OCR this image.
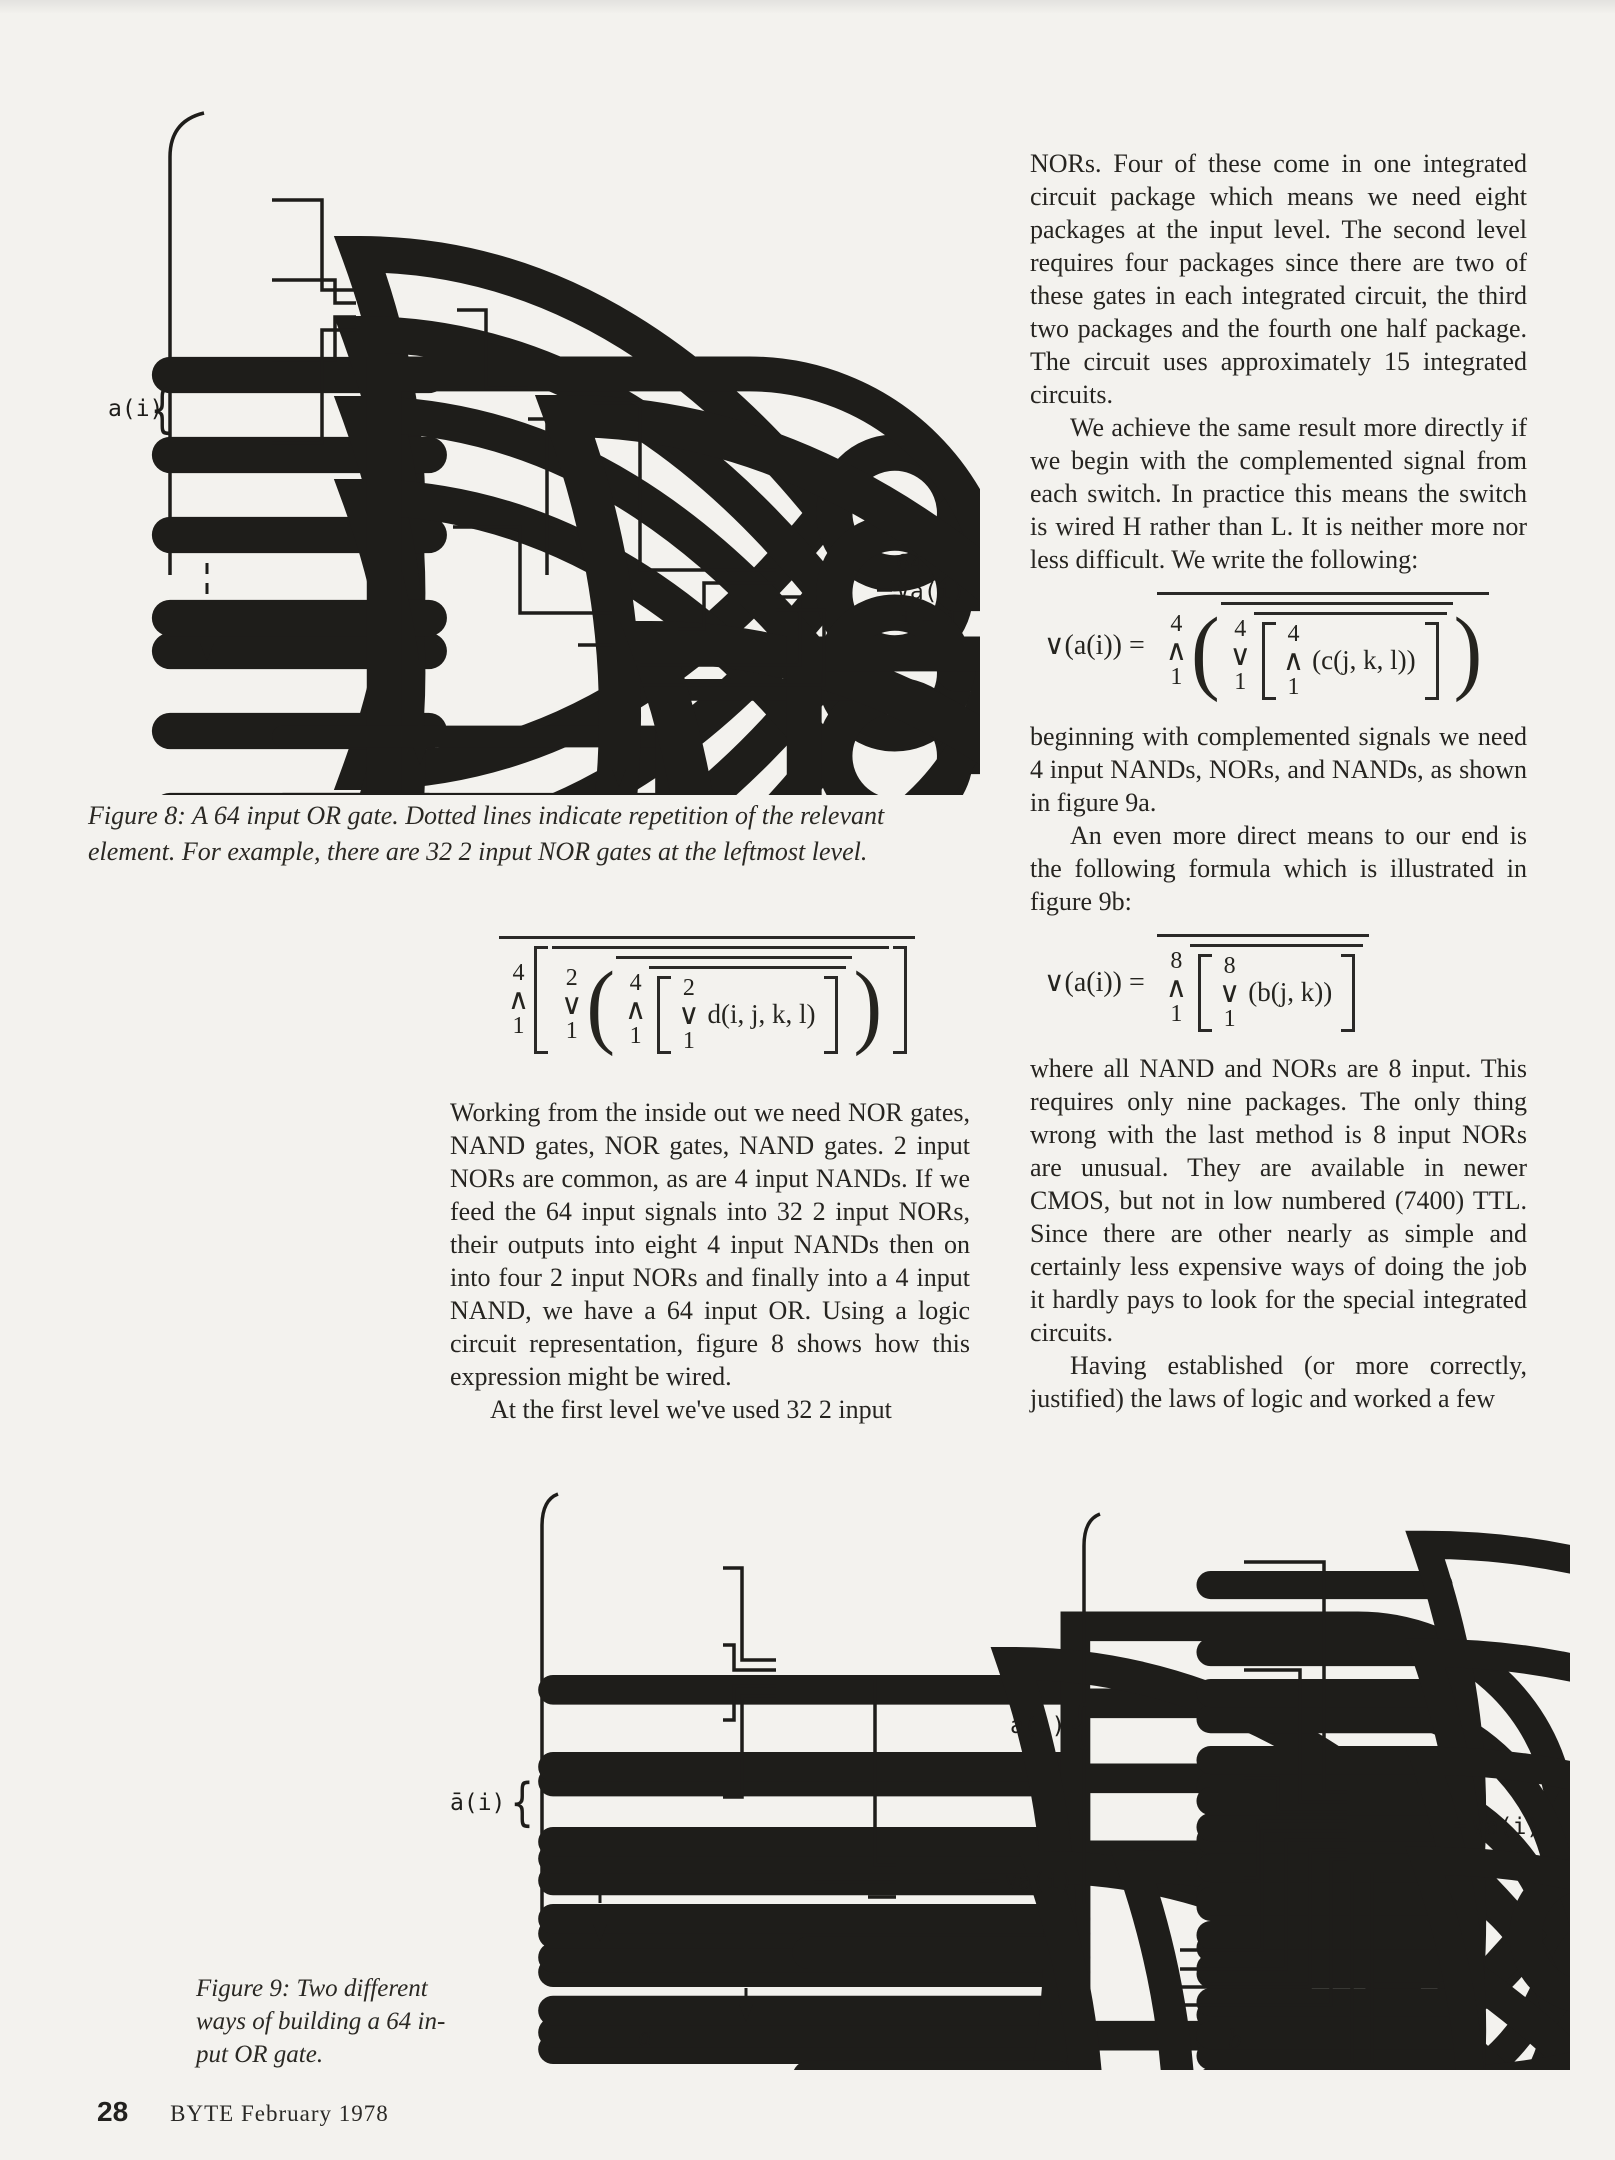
a(i)
{
64
∨a(i)
i = 1
Figure 8: A 64 input OR gate. Dotted lines indicate repetition of the relevant element. For example, there are 32 2 input NOR gates at the leftmost level.
4
∧
1
2
∨
1 ( 4
∧
1
2
∨
1
d(i, j, k, l) )

Working from the inside out we need NOR gates, NAND gates, NOR gates, NAND gates. 2 input NORs are common, as are 4 input NANDs. If we feed the 64 input signals into 32 2 input NORs, their outputs into eight 4 input NANDs then on into four 2 input NORs and finally into a 4 input NAND, we have a 64 input OR. Using a logic circuit representation, figure 8 shows how this expression might be wired.

At the first level we've used 32 2 input

NORs. Four of these come in one integrated circuit package which means we need eight packages at the input level. The second level requires four packages since there are two of these gates in each integrated circuit, the third two packages and the fourth one half package. The circuit uses approximately 15 integrated circuits.

We achieve the same result more directly if we begin with the complemented signal from each switch. In practice this means the switch is wired H rather than L. It is neither more nor less difficult. We write the following:

∨(a(i)) =
4
∧
1 ( 4
∨
1
4
∧
1
(c(j, k, l)) )

beginning with complemented signals we need 4 input NANDs, NORs, and NANDs, as shown in figure 9a.

An even more direct means to our end is the following formula which is illustrated in figure 9b:

∨(a(i)) =
8
∧
1
8
∨
1
(b(j, k))

where all NAND and NORs are 8 input. This requires only nine packages. The only thing wrong with the last method is 8 input NORs are unusual. They are available in newer CMOS, but not in low numbered (7400) TTL. Since there are other nearly as simple and certainly less expensive ways of doing the job it hardly pays to look for the special integrated circuits.

Having established (or more correctly, justified) the laws of logic and worked a few

ā(i) {
∨a(i)
a
a(i) {
∨a(i)
b
Figure 9: Two different
ways of building a 64 in-
put OR gate.
28 BYTE February 1978
